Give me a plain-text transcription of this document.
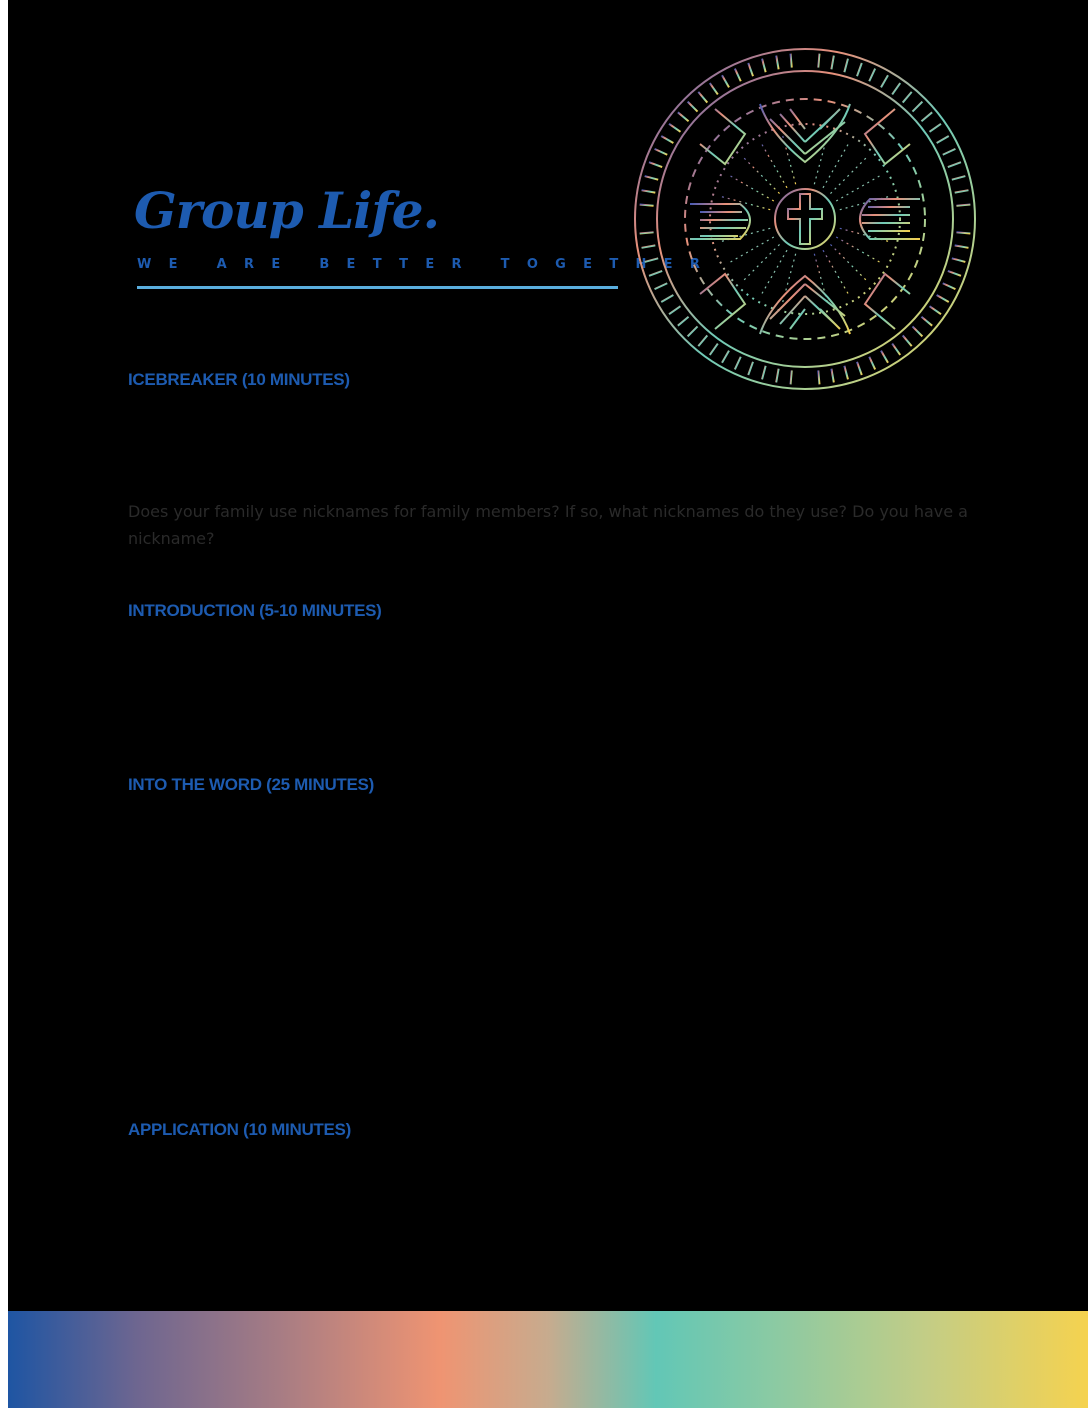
Group Life.
WE ARE BETTER TOGETHER
ICEBREAKER (10 MINUTES)

Does your family use nicknames for family members? If so, what nicknames do they use? Do you have a nickname?

INTRODUCTION (5-10 MINUTES)
INTO THE WORD (25 MINUTES)
APPLICATION (10 MINUTES)
